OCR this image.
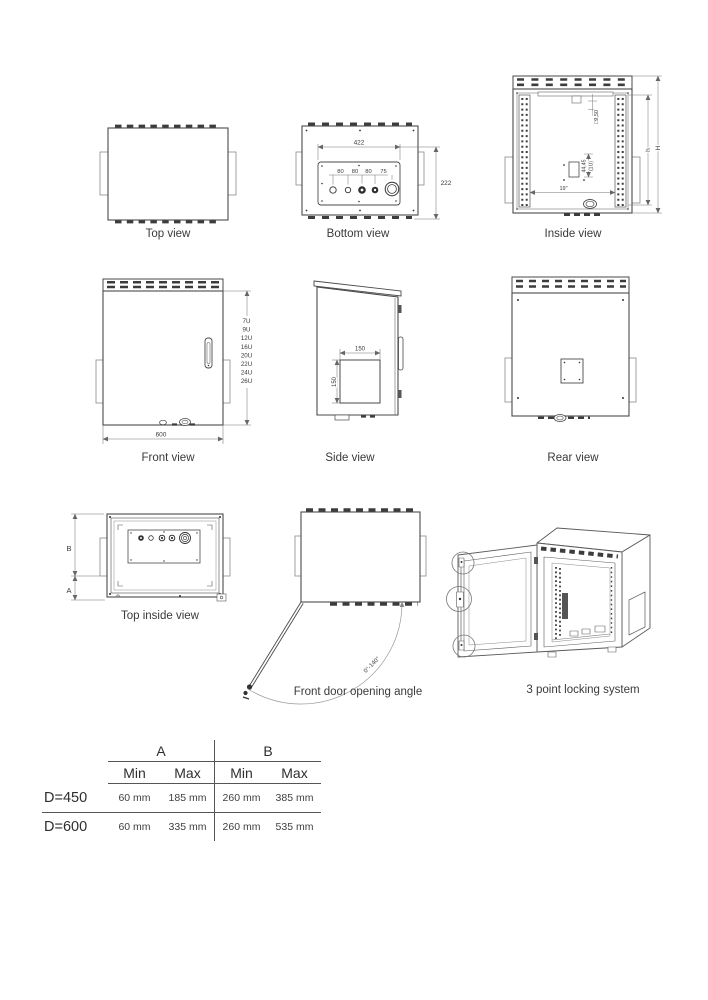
422
80 80 80 75
222
□9,50
44,45 (1U)
19"
h H
600
7U
9U
12U
16U
20U
22U
24U
26U
150
150
B
A
0°-140°
Top view	Bottom view	Inside view
Front view	Side view	Rear view
Top inside view
Front door opening angle	3 point locking system
	A		B	
	Min	Max	Min	Max
D=450	60 mm	185 mm	260 mm	385 mm
D=600	60 mm	335 mm	260 mm	535 mm
